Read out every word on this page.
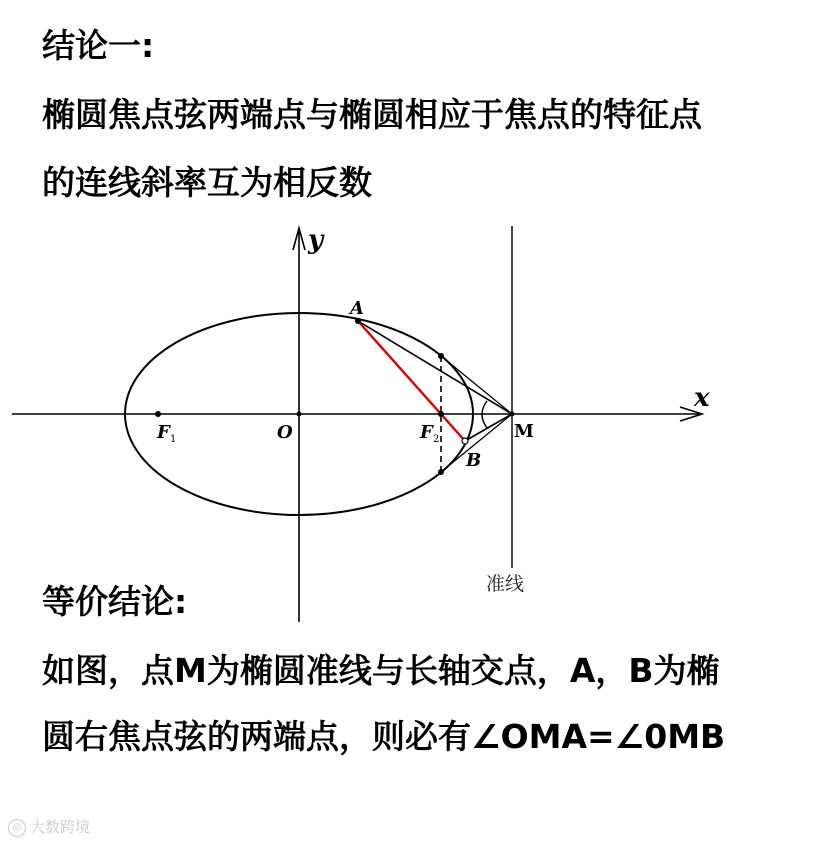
结论一:
椭圆焦点弦两端点与椭圆相应于焦点的特征点
的连线斜率互为相反数
y
x
O
F 1	F 2
A
B
M
准线
等价结论:
如图，点M为椭圆准线与长轴交点，A，B为椭
圆右焦点弦的两端点，则必有∠OMA=∠0MB
◎ 大数跨境
